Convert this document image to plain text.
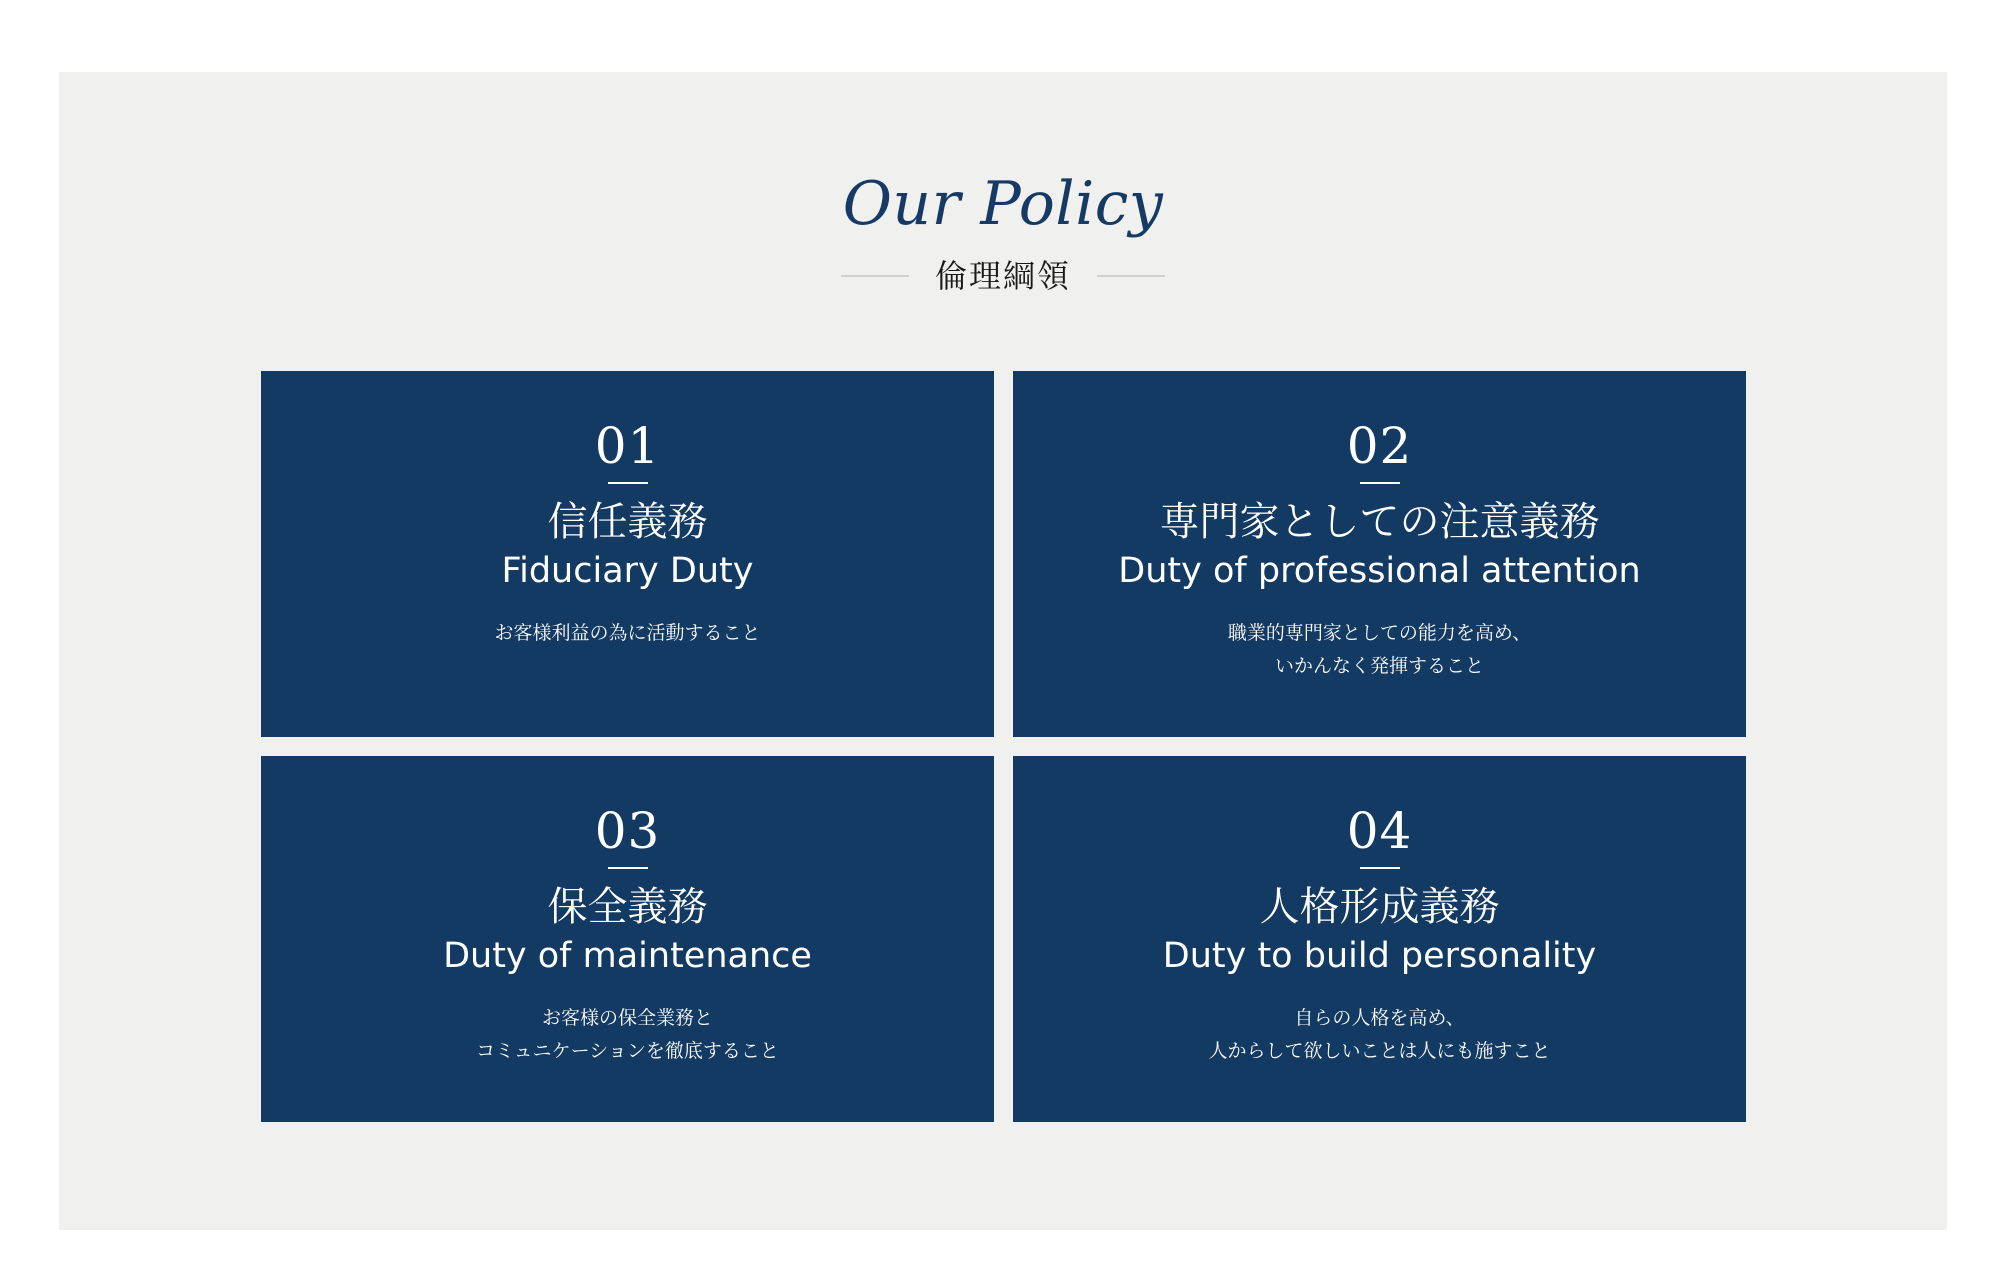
Our Policy
倫理綱領
01
信任義務
Fiduciary Duty
お客様利益の為に活動すること
02
専門家としての注意義務
Duty of professional attention
職業的専門家としての能力を高め、
いかんなく発揮すること
03
保全義務
Duty of maintenance
お客様の保全業務と
コミュニケーションを徹底すること
04
人格形成義務
Duty to build personality
自らの人格を高め、
人からして欲しいことは人にも施すこと
